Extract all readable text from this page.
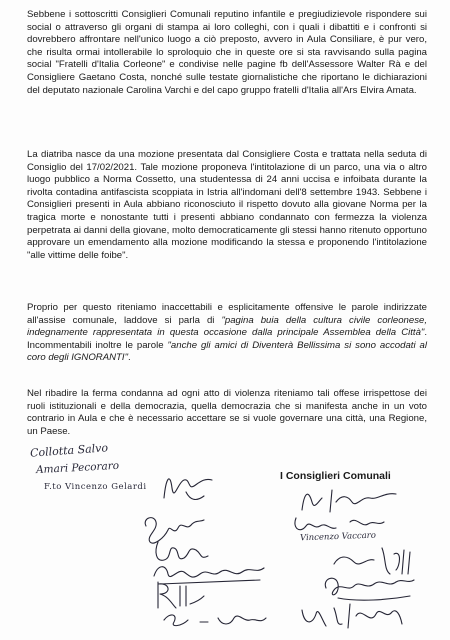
Sebbene i sottoscritti Consiglieri Comunali reputino infantile e pregiudizievole rispondere sui social o attraverso gli organi di stampa ai loro colleghi, con i quali i dibattiti e i confronti si dovrebbero affrontare nell'unico luogo a ciò preposto, avvero in Aula Consiliare, è pur vero, che risulta ormai intollerabile lo sproloquio che in queste ore si sta ravvisando sulla pagina social "Fratelli d'Italia Corleone" e condivise nelle pagine fb dell'Assessore Walter Rà e del Consigliere Gaetano Costa, nonché sulle testate giornalistiche che riportano le dichiarazioni del deputato nazionale Carolina Varchi e del capo gruppo fratelli d'Italia all'Ars Elvira Amata.

La diatriba nasce da una mozione presentata dal Consigliere Costa e trattata nella seduta di Consiglio del 17/02/2021. Tale mozione proponeva l'intitolazione di un parco, una via o altro luogo pubblico a Norma Cossetto, una studentessa di 24 anni uccisa e infoibata durante la rivolta contadina antifascista scoppiata in Istria all'indomani dell'8 settembre 1943. Sebbene i Consiglieri presenti in Aula abbiano riconosciuto il rispetto dovuto alla giovane Norma per la tragica morte e nonostante tutti i presenti abbiano condannato con fermezza la violenza perpetrata ai danni della giovane, molto democraticamente gli stessi hanno ritenuto opportuno approvare un emendamento alla mozione modificando la stessa e proponendo l'intitolazione "alle vittime delle foibe".

Proprio per questo riteniamo inaccettabili e esplicitamente offensive le parole indirizzate all'assise comunale, laddove si parla di "pagina buia della cultura civile corleonese, indegnamente rappresentata in questa occasione dalla principale Assemblea della Città". Incommentabili inoltre le parole "anche gli amici di Diventerà Bellissima si sono accodati al coro degli IGNORANTI".

Nel ribadire la ferma condanna ad ogni atto di violenza riteniamo tali offese irrispettose dei ruoli istituzionali e della democrazia, quella democrazia che si manifesta anche in un voto contrario in Aula e che è necessario accettare se si vuole governare una città, una Regione, un Paese.

I Consiglieri Comunali
Collotta Salvo
Amari Pecoraro
F.to Vincenzo Gelardi
Vincenzo Vaccaro
